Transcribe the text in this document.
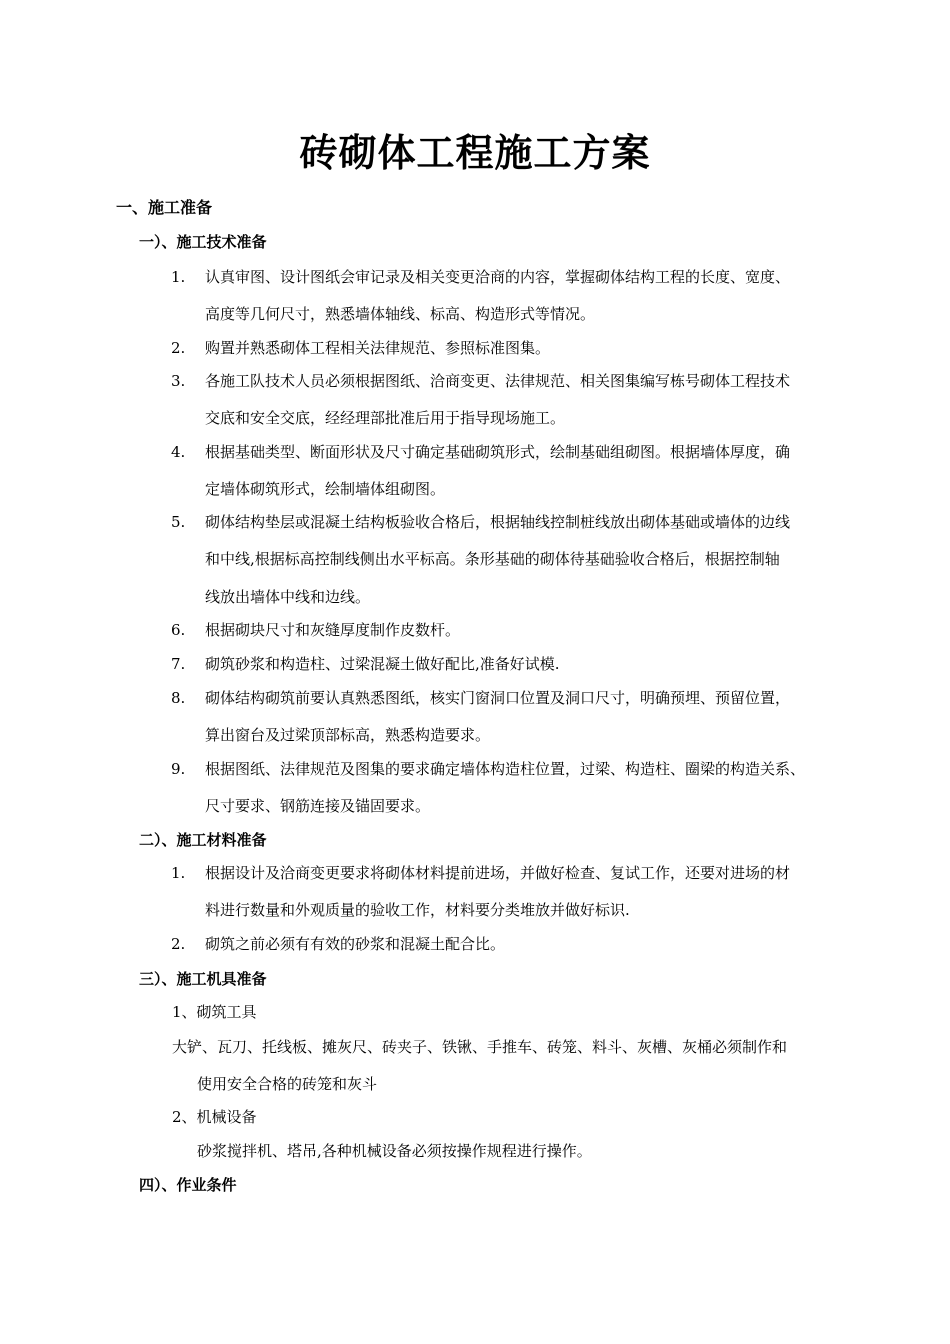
砖砌体工程施工方案
一、施工准备
一）、施工技术准备
1. 认真审图、设计图纸会审记录及相关变更洽商的内容，掌握砌体结构工程的长度、宽度、
高度等几何尺寸，熟悉墙体轴线、标高、构造形式等情况。
2. 购置并熟悉砌体工程相关法律规范、参照标准图集。
3. 各施工队技术人员必须根据图纸、洽商变更、法律规范、相关图集编写栋号砌体工程技术
交底和安全交底，经经理部批准后用于指导现场施工。
4. 根据基础类型、断面形状及尺寸确定基础砌筑形式，绘制基础组砌图。根据墙体厚度，确
定墙体砌筑形式，绘制墙体组砌图。
5. 砌体结构垫层或混凝土结构板验收合格后，根据轴线控制桩线放出砌体基础或墙体的边线
和中线,根据标高控制线侧出水平标高。条形基础的砌体待基础验收合格后，根据控制轴
线放出墙体中线和边线。
6. 根据砌块尺寸和灰缝厚度制作皮数杆。
7. 砌筑砂浆和构造柱、过梁混凝土做好配比,准备好试模.
8. 砌体结构砌筑前要认真熟悉图纸，核实门窗洞口位置及洞口尺寸，明确预埋、预留位置，
算出窗台及过梁顶部标高，熟悉构造要求。
9. 根据图纸、法律规范及图集的要求确定墙体构造柱位置，过梁、构造柱、圈梁的构造关系、
尺寸要求、钢筋连接及锚固要求。
二）、施工材料准备
1. 根据设计及洽商变更要求将砌体材料提前进场，并做好检查、复试工作，还要对进场的材
料进行数量和外观质量的验收工作，材料要分类堆放并做好标识.
2. 砌筑之前必须有有效的砂浆和混凝土配合比。
三）、施工机具准备
1、砌筑工具
大铲、瓦刀、托线板、摊灰尺、砖夹子、铁锹、手推车、砖笼、料斗、灰槽、灰桶必须制作和
使用安全合格的砖笼和灰斗
2、机械设备
砂浆搅拌机、塔吊,各种机械设备必须按操作规程进行操作。
四）、作业条件
